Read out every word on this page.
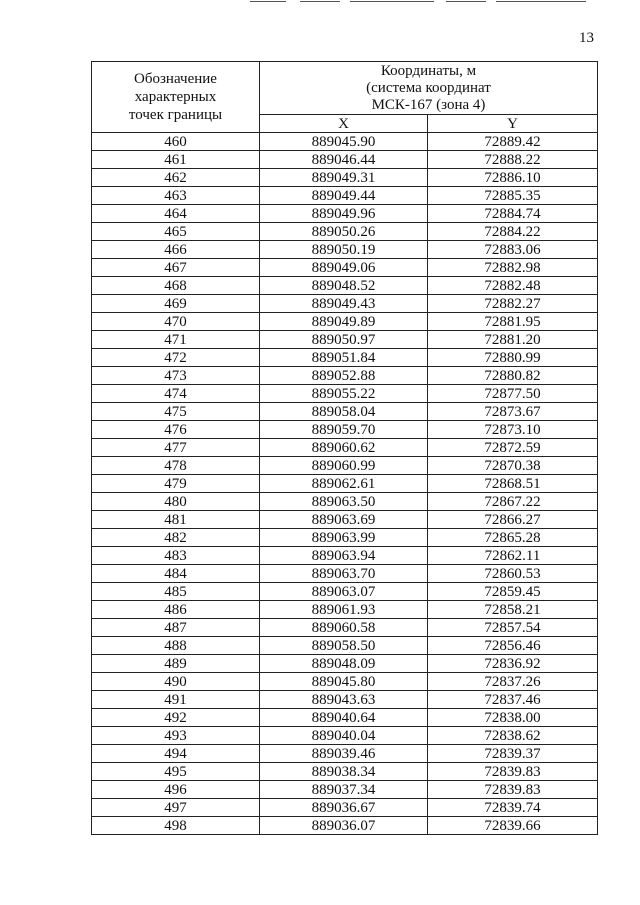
13
Обозначение
характерных
точек границы	Координаты, м
(система координат
МСК-167 (зона 4)	

	X	Y
460	889045.90	72889.42
461	889046.44	72888.22
462	889049.31	72886.10
463	889049.44	72885.35
464	889049.96	72884.74
465	889050.26	72884.22
466	889050.19	72883.06
467	889049.06	72882.98
468	889048.52	72882.48
469	889049.43	72882.27
470	889049.89	72881.95
471	889050.97	72881.20
472	889051.84	72880.99
473	889052.88	72880.82
474	889055.22	72877.50
475	889058.04	72873.67
476	889059.70	72873.10
477	889060.62	72872.59
478	889060.99	72870.38
479	889062.61	72868.51
480	889063.50	72867.22
481	889063.69	72866.27
482	889063.99	72865.28
483	889063.94	72862.11
484	889063.70	72860.53
485	889063.07	72859.45
486	889061.93	72858.21
487	889060.58	72857.54
488	889058.50	72856.46
489	889048.09	72836.92
490	889045.80	72837.26
491	889043.63	72837.46
492	889040.64	72838.00
493	889040.04	72838.62
494	889039.46	72839.37
495	889038.34	72839.83
496	889037.34	72839.83
497	889036.67	72839.74
498	889036.07	72839.66
